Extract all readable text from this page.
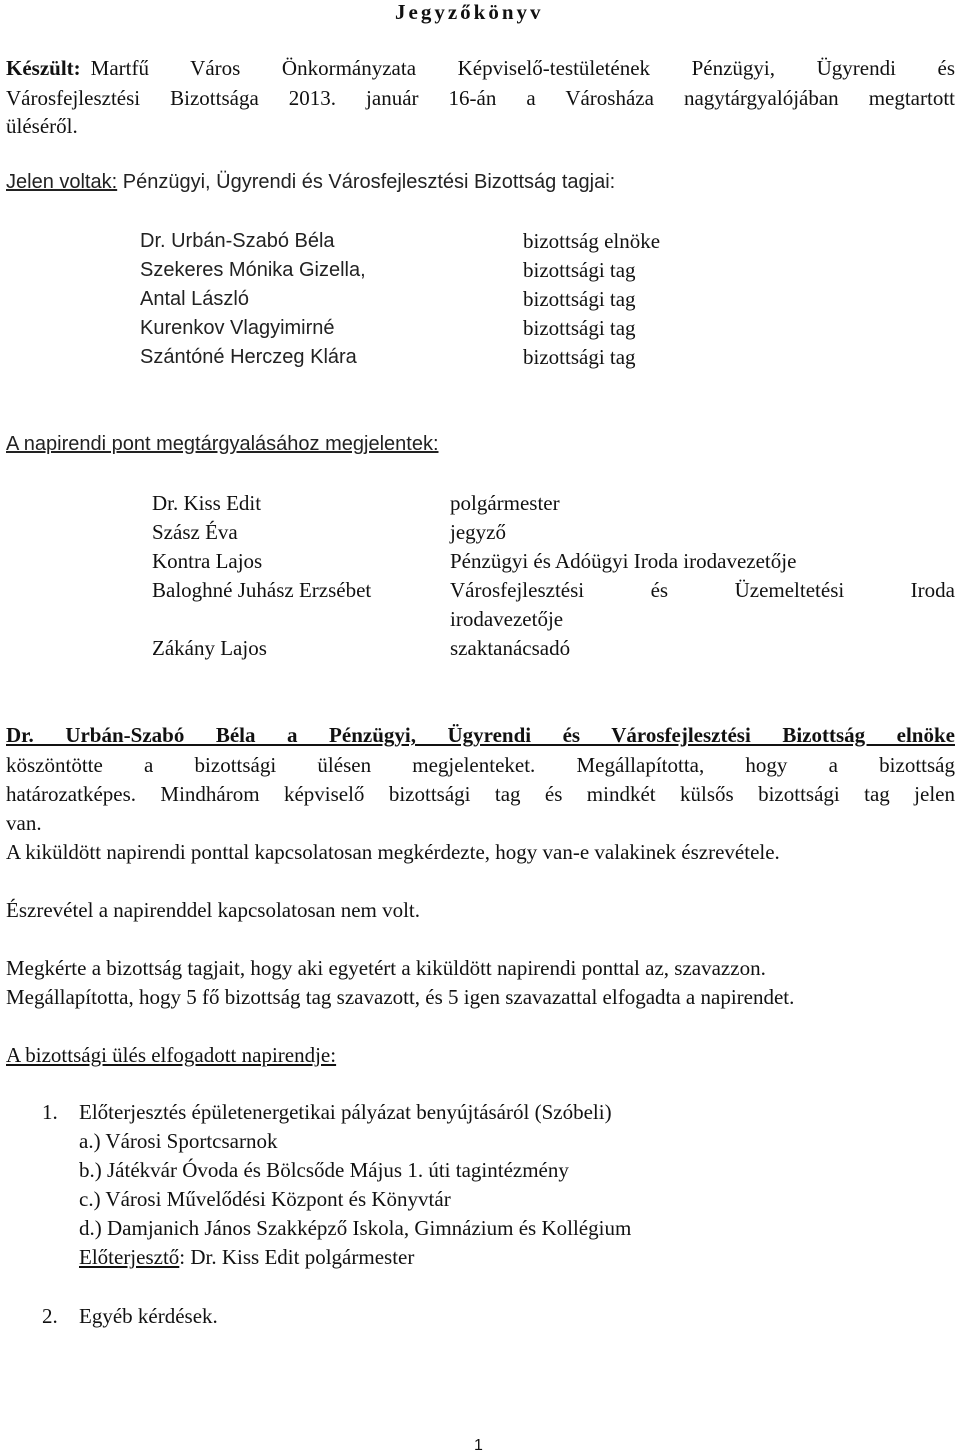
Jegyzőkönyv
Készült: Martfű Város Önkormányzata Képviselő-testületének Pénzügyi, Ügyrendi és
Városfejlesztési Bizottsága 2013. január 16-án a Városháza nagytárgyalójában megtartott
üléséről.
Jelen voltak: Pénzügyi, Ügyrendi és Városfejlesztési Bizottság tagjai:
Dr. Urbán-Szabó Béla	bizottság elnöke
Szekeres Mónika Gizella,	bizottsági tag
Antal László	bizottsági tag
Kurenkov Vlagyimirné	bizottsági tag
Szántóné Herczeg Klára	bizottsági tag
A napirendi pont megtárgyalásához megjelentek:
Dr. Kiss Edit	polgármester
Szász Éva	jegyző
Kontra Lajos	Pénzügyi és Adóügyi Iroda irodavezetője
Baloghné Juhász Erzsébet	Városfejlesztési és Üzemeltetési Iroda
irodavezetője
Zákány Lajos	szaktanácsadó
Dr. Urbán-Szabó Béla a Pénzügyi, Ügyrendi és Városfejlesztési Bizottság elnöke
köszöntötte a bizottsági ülésen megjelenteket. Megállapította, hogy a bizottság
határozatképes. Mindhárom képviselő bizottsági tag és mindkét külsős bizottsági tag jelen
van.
A kiküldött napirendi ponttal kapcsolatosan megkérdezte, hogy van-e valakinek észrevétele.
Észrevétel a napirenddel kapcsolatosan nem volt.
Megkérte a bizottság tagjait, hogy aki egyetért a kiküldött napirendi ponttal az, szavazzon.
Megállapította, hogy 5 fő bizottság tag szavazott, és 5 igen szavazattal elfogadta a napirendet.
A bizottsági ülés elfogadott napirendje:
1. Előterjesztés épületenergetikai pályázat benyújtásáról (Szóbeli)
a.) Városi Sportcsarnok
b.) Játékvár Óvoda és Bölcsőde Május 1. úti tagintézmény
c.) Városi Művelődési Központ és Könyvtár
d.) Damjanich János Szakképző Iskola, Gimnázium és Kollégium
Előterjesztő: Dr. Kiss Edit polgármester
2. Egyéb kérdések.
1
